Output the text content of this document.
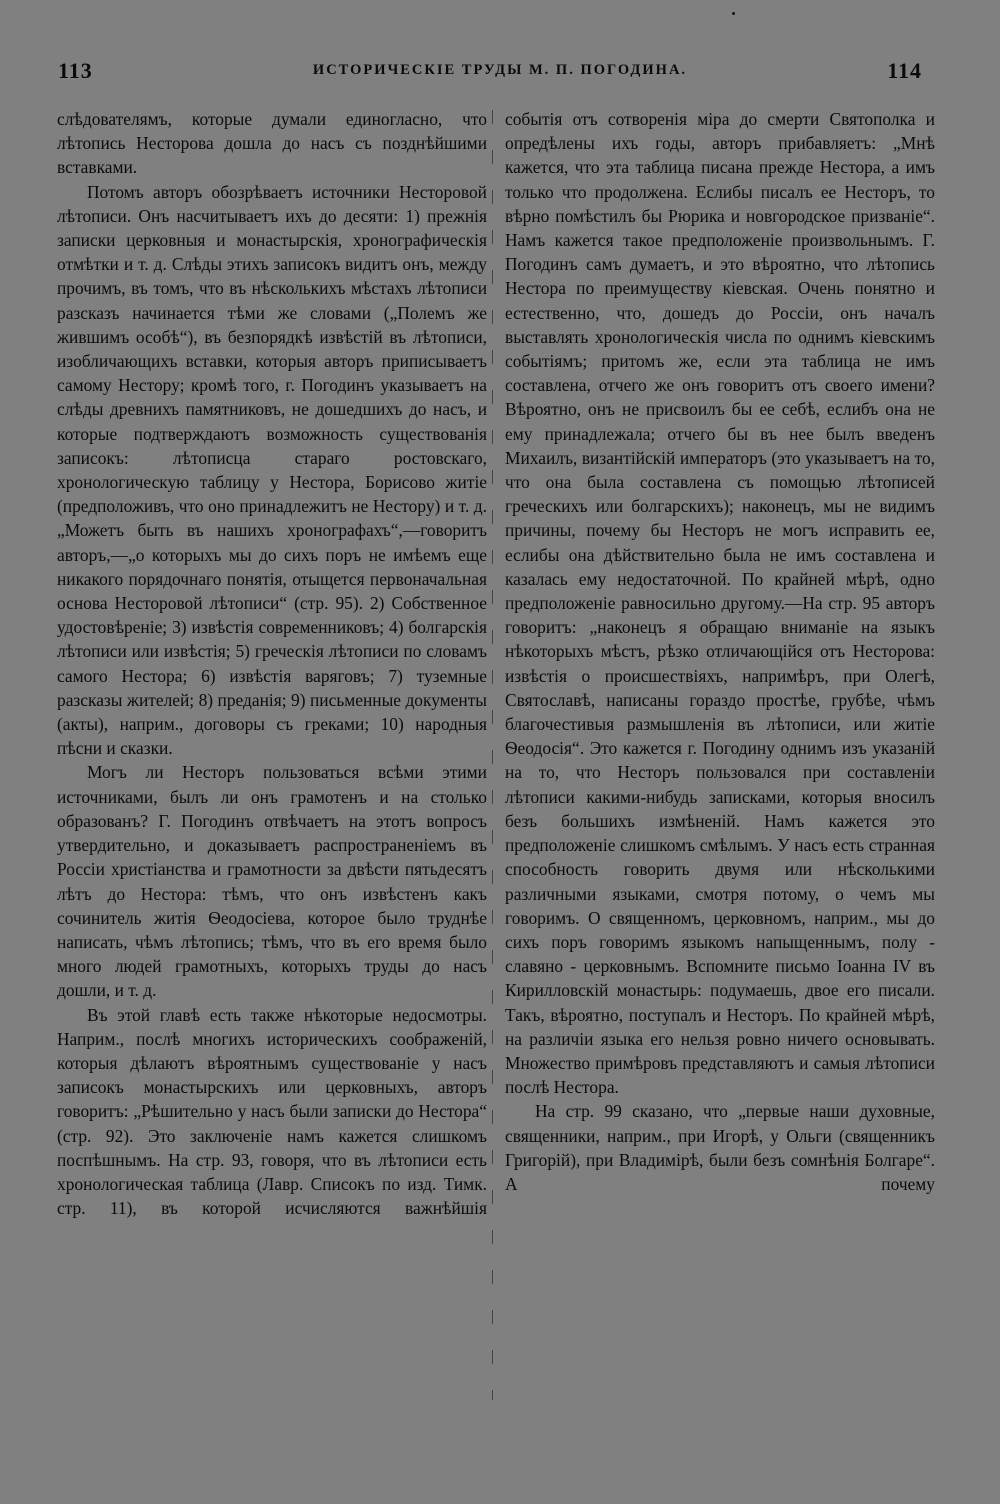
113	ИСТОРИЧЕСКІЕ ТРУДЫ М. П. ПОГОДИНА.	114

слѣдователямъ, которые думали единогласно, что лѣтопись Несторова дошла до насъ съ позднѣйшими вставками.

Потомъ авторъ обозрѣваетъ источники Несторовой лѣтописи. Онъ насчитываетъ ихъ до десяти: 1) прежнія записки церковныя и монастырскія, хронографическія отмѣтки и т. д. Слѣды этихъ записокъ видитъ онъ, между прочимъ, въ томъ, что въ нѣсколькихъ мѣстахъ лѣтописи разсказъ начинается тѣми же словами („Полемъ же жившимъ особѣ“), въ безпорядкѣ извѣстій въ лѣтописи, изобличающихъ вставки, которыя авторъ приписываетъ самому Нестору; кромѣ того, г. Погодинъ указываетъ на слѣды древнихъ памятниковъ, не дошедшихъ до насъ, и которые подтверждаютъ возможность существованія записокъ: лѣтописца стараго ростовскаго, хронологическую таблицу у Нестора, Борисово житіе (предположивъ, что оно принадлежитъ не Нестору) и т. д. „Можетъ быть въ нашихъ хронографахъ“,—говоритъ авторъ,—„о которыхъ мы до сихъ поръ не имѣемъ еще никакого порядочнаго понятія, отыщется первоначальная основа Несторовой лѣтописи“ (стр. 95). 2) Собственное удостовѣреніе; 3) извѣстія современниковъ; 4) болгарскія лѣтописи или извѣстія; 5) греческія лѣтописи по словамъ самого Нестора; 6) извѣстія варяговъ; 7) туземные разсказы жителей; 8) преданія; 9) письменные документы (акты), наприм., договоры съ греками; 10) народныя пѣсни и сказки.

Могъ ли Несторъ пользоваться всѣми этими источниками, былъ ли онъ грамотенъ и на столько образованъ? Г. Погодинъ отвѣчаетъ на этотъ вопросъ утвердительно, и доказываетъ распространеніемъ въ Россіи христіанства и грамотности за двѣсти пятьдесятъ лѣтъ до Нестора: тѣмъ, что онъ извѣстенъ какъ сочинитель житія Ѳеодосіева, которое было труднѣе написать, чѣмъ лѣтопись; тѣмъ, что въ его время было много людей грамотныхъ, которыхъ труды до насъ дошли, и т. д.

Въ этой главѣ есть также нѣкоторые недосмотры. Наприм., послѣ многихъ историческихъ соображеній, которыя дѣлаютъ вѣроятнымъ существованіе у насъ записокъ монастырскихъ или церковныхъ, авторъ говоритъ: „Рѣшительно у насъ были записки до Нестора“ (стр. 92). Это заключеніе намъ кажется слишкомъ поспѣшнымъ. На стр. 93, говоря, что въ лѣтописи есть хронологическая таблица (Лавр. Списокъ по изд. Тимк. стр. 11), въ которой исчисляются важнѣйшія

событія отъ сотворенія міра до смерти Святополка и опредѣлены ихъ годы, авторъ прибавляетъ: „Мнѣ кажется, что эта таблица писана прежде Нестора, а имъ только что продолжена. Еслибы писалъ ее Несторъ, то вѣрно помѣстилъ бы Рюрика и новгородское призваніе“. Намъ кажется такое предположеніе произвольнымъ. Г. Погодинъ самъ думаетъ, и это вѣроятно, что лѣтопись Нестора по преимуществу кіевская. Очень понятно и естественно, что, дошедъ до Россіи, онъ началъ выставлять хронологическія числа по однимъ кіевскимъ событіямъ; притомъ же, если эта таблица не имъ составлена, отчего же онъ говоритъ отъ своего имени? Вѣроятно, онъ не присвоилъ бы ее себѣ, еслибъ она не ему принадлежала; отчего бы въ нее былъ введенъ Михаилъ, византійскій императоръ (это указываетъ на то, что она была составлена съ помощью лѣтописей греческихъ или болгарскихъ); наконецъ, мы не видимъ причины, почему бы Несторъ не могъ исправить ее, еслибы она дѣйствительно была не имъ составлена и казалась ему недостаточной. По крайней мѣрѣ, одно предположеніе равносильно другому.—На стр. 95 авторъ говоритъ: „наконецъ я обращаю вниманіе на языкъ нѣкоторыхъ мѣстъ, рѣзко отличающійся отъ Несторова: извѣстія о происшествіяхъ, напримѣръ, при Олегѣ, Святославѣ, написаны гораздо простѣе, грубѣе, чѣмъ благочестивыя размышленія въ лѣтописи, или житіе Ѳеодосія“. Это кажется г. Погодину однимъ изъ указаній на то, что Несторъ пользовался при составленіи лѣтописи какими-нибудь записками, которыя вносилъ безъ большихъ измѣненій. Намъ кажется это предположеніе слишкомъ смѣлымъ. У насъ есть странная способность говорить двумя или нѣсколькими различными языками, смотря потому, о чемъ мы говоримъ. О священномъ, церковномъ, наприм., мы до сихъ поръ говоримъ языкомъ напыщеннымъ, полу - славяно - церковнымъ. Вспомните письмо Іоанна IV въ Кирилловскій монастырь: подумаешь, двое его писали. Такъ, вѣроятно, поступалъ и Несторъ. По крайней мѣрѣ, на различіи языка его нельзя ровно ничего основывать. Множество примѣровъ представляютъ и самыя лѣтописи послѣ Нестора.

На стр. 99 сказано, что „первые наши духовные, священники, наприм., при Игорѣ, у Ольги (священникъ Григорій), при Владимірѣ, были безъ сомнѣнія Болгаре“. А почему
